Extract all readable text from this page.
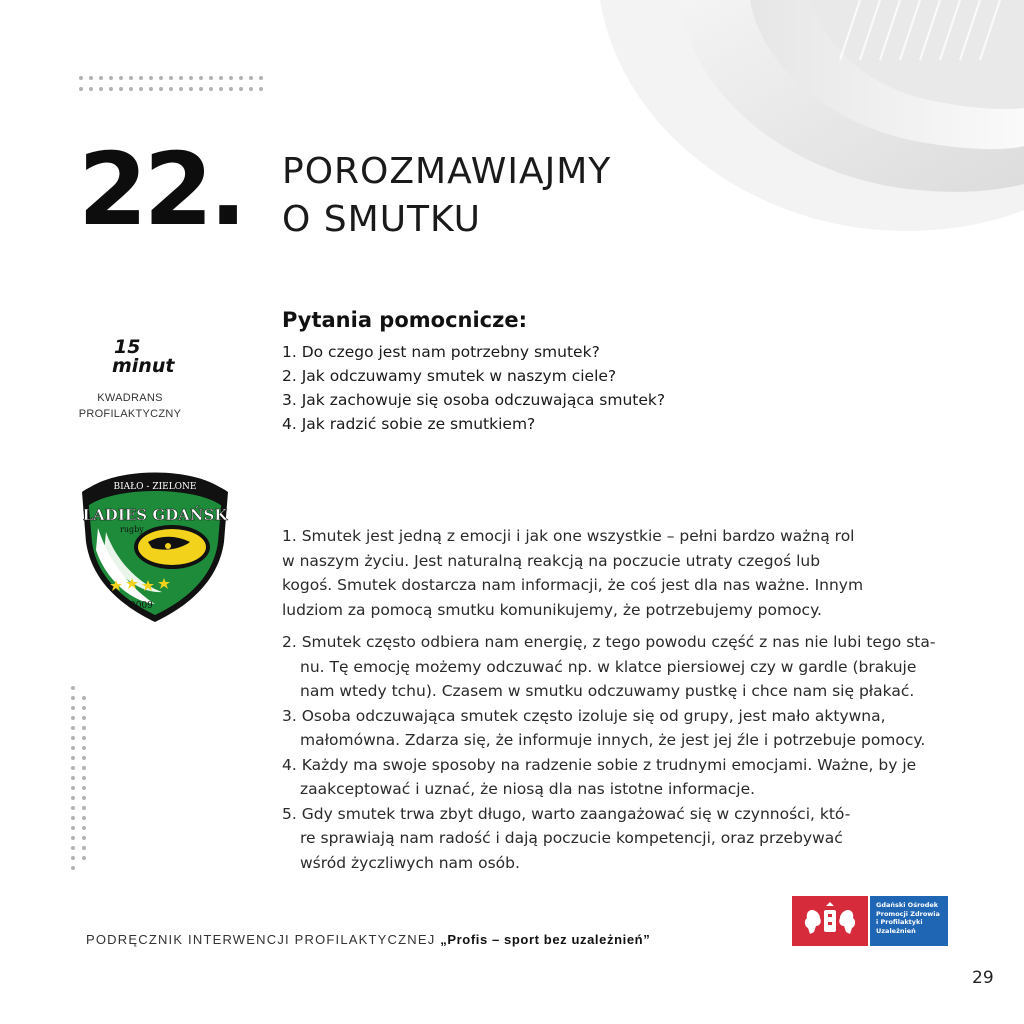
22. POROZMAWIAJMY
O SMUTKU
15
minut
KWADRANS
PROFILAKTYCZNY
Pytania pomocnicze:
1. Do czego jest nam potrzebny smutek?
2. Jak odczuwamy smutek w naszym ciele?
3. Jak zachowuje się osoba odczuwająca smutek?
4. Jak radzić sobie ze smutkiem?
BIAŁO - ZIELONE
LADIES GDAŃSK
rugby
2009
1. Smutek jest jedną z emocji i jak one wszystkie – pełni bardzo ważną rol
w naszym życiu. Jest naturalną reakcją na poczucie utraty czegoś lub
kogoś. Smutek dostarcza nam informacji, że coś jest dla nas ważne. Innym
ludziom za pomocą smutku komunikujemy, że potrzebujemy pomocy.
2. Smutek często odbiera nam energię, z tego powodu część z nas nie lubi tego sta-
nu. Tę emocję możemy odczuwać np. w klatce piersiowej czy w gardle (brakuje
nam wtedy tchu). Czasem w smutku odczuwamy pustkę i chce nam się płakać.
3. Osoba odczuwająca smutek często izoluje się od grupy, jest mało aktywna,
małomówna. Zdarza się, że informuje innych, że jest jej źle i potrzebuje pomocy.
4. Każdy ma swoje sposoby na radzenie sobie z trudnymi emocjami. Ważne, by je
zaakceptować i uznać, że niosą dla nas istotne informacje.
5. Gdy smutek trwa zbyt długo, warto zaangażować się w czynności, któ-
re sprawiają nam radość i dają poczucie kompetencji, oraz przebywać
wśród życzliwych nam osób.
PODRĘCZNIK INTERWENCJI PROFILAKTYCZNEJ „Profis – sport bez uzależnień”
Gdański Ośrodek
Promocji Zdrowia
i Profilaktyki
Uzależnień
29
